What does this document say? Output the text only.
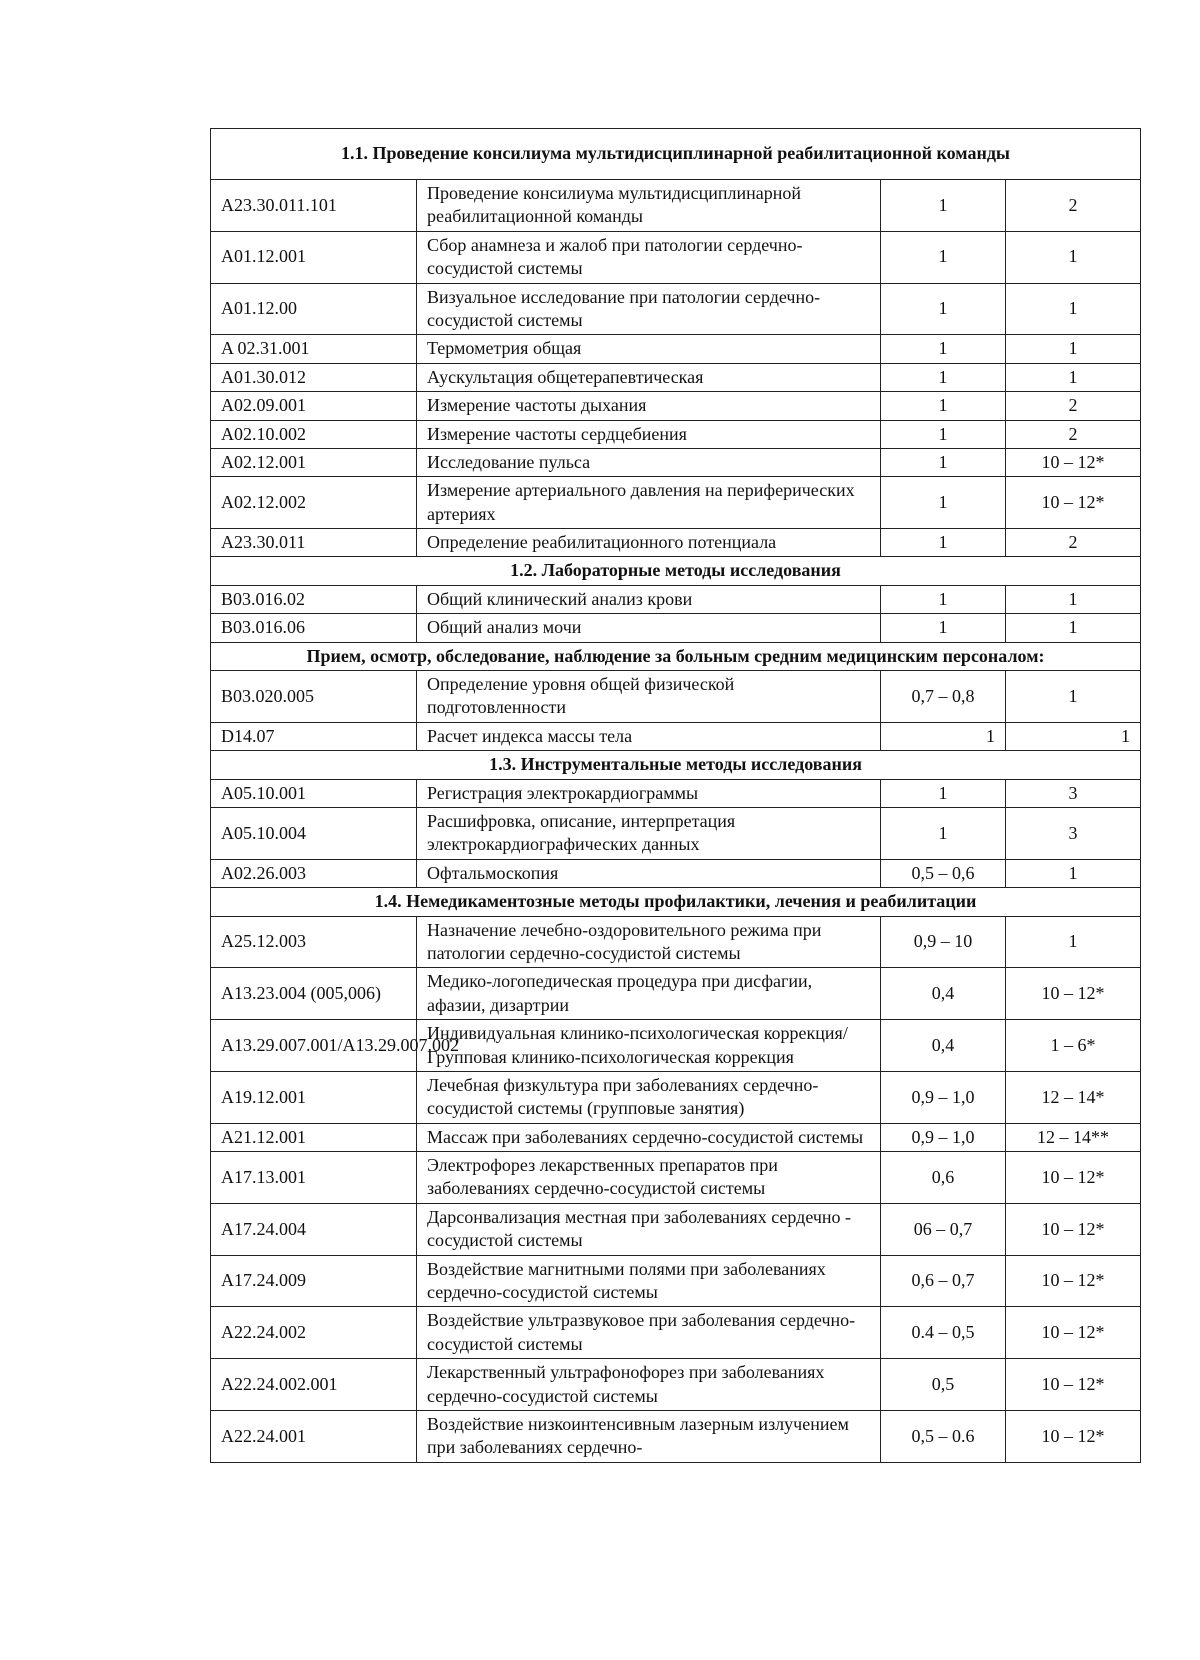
1.1. Проведение консилиума мультидисциплинарной реабилитационной команды			
A23.30.011.101	Проведение консилиума мультидисциплинарной реабилитационной команды	1	2
A01.12.001	Сбор анамнеза и жалоб при патологии сердечно-сосудистой системы	1	1
A01.12.00	Визуальное исследование при патологии сердечно-сосудистой системы	1	1
A 02.31.001	Термометрия общая	1	1
A01.30.012	Аускультация общетерапевтическая	1	1
A02.09.001	Измерение частоты дыхания	1	2
A02.10.002	Измерение частоты сердцебиения	1	2
A02.12.001	Исследование пульса	1	10 – 12*
A02.12.002	Измерение артериального давления на периферических артериях	1	10 – 12*
A23.30.011	Определение реабилитационного потенциала	1	2
1.2. Лабораторные методы исследования			
B03.016.02	Общий клинический анализ крови	1	1
B03.016.06	Общий анализ мочи	1	1
Прием, осмотр, обследование, наблюдение за больным средним медицинским персоналом:			
B03.020.005	Определение уровня общей физической подготовленности	0,7 – 0,8	1
D14.07	Расчет индекса массы тела	1	1
1.3. Инструментальные методы исследования			
A05.10.001	Регистрация электрокардиограммы	1	3
A05.10.004	Расшифровка, описание, интерпретация электрокардиографических данных	1	3
A02.26.003	Офтальмоскопия	0,5 – 0,6	1
1.4. Немедикаментозные методы профилактики, лечения и реабилитации			
A25.12.003	Назначение лечебно-оздоровительного режима при патологии сердечно-сосудистой системы	0,9 – 10	1
A13.23.004 (005,006)	Медико-логопедическая процедура при дисфагии, афазии, дизартрии	0,4	10 – 12*
A13.29.007.001/A13.29.007.002	Индивидуальная клинико-психологическая коррекция/Групповая клинико-психологическая коррекция	0,4	1 – 6*
A19.12.001	Лечебная физкультура при заболеваниях сердечно-сосудистой системы (групповые занятия)	0,9 – 1,0	12 – 14*
A21.12.001	Массаж при заболеваниях сердечно-сосудистой системы	0,9 – 1,0	12 – 14**
A17.13.001	Электрофорез лекарственных препаратов при заболеваниях сердечно-сосудистой системы	0,6	10 – 12*
A17.24.004	Дарсонвализация местная при заболеваниях сердечно - сосудистой системы	06 – 0,7	10 – 12*
A17.24.009	Воздействие магнитными полями при заболеваниях сердечно-сосудистой системы	0,6 – 0,7	10 – 12*
A22.24.002	Воздействие ультразвуковое при заболевания сердечно-сосудистой системы	0.4 – 0,5	10 – 12*
A22.24.002.001	Лекарственный ультрафонофорез при заболеваниях сердечно-сосудистой системы	0,5	10 – 12*
A22.24.001	Воздействие низкоинтенсивным лазерным излучением при заболеваниях сердечно-	0,5 – 0.6	10 – 12*
